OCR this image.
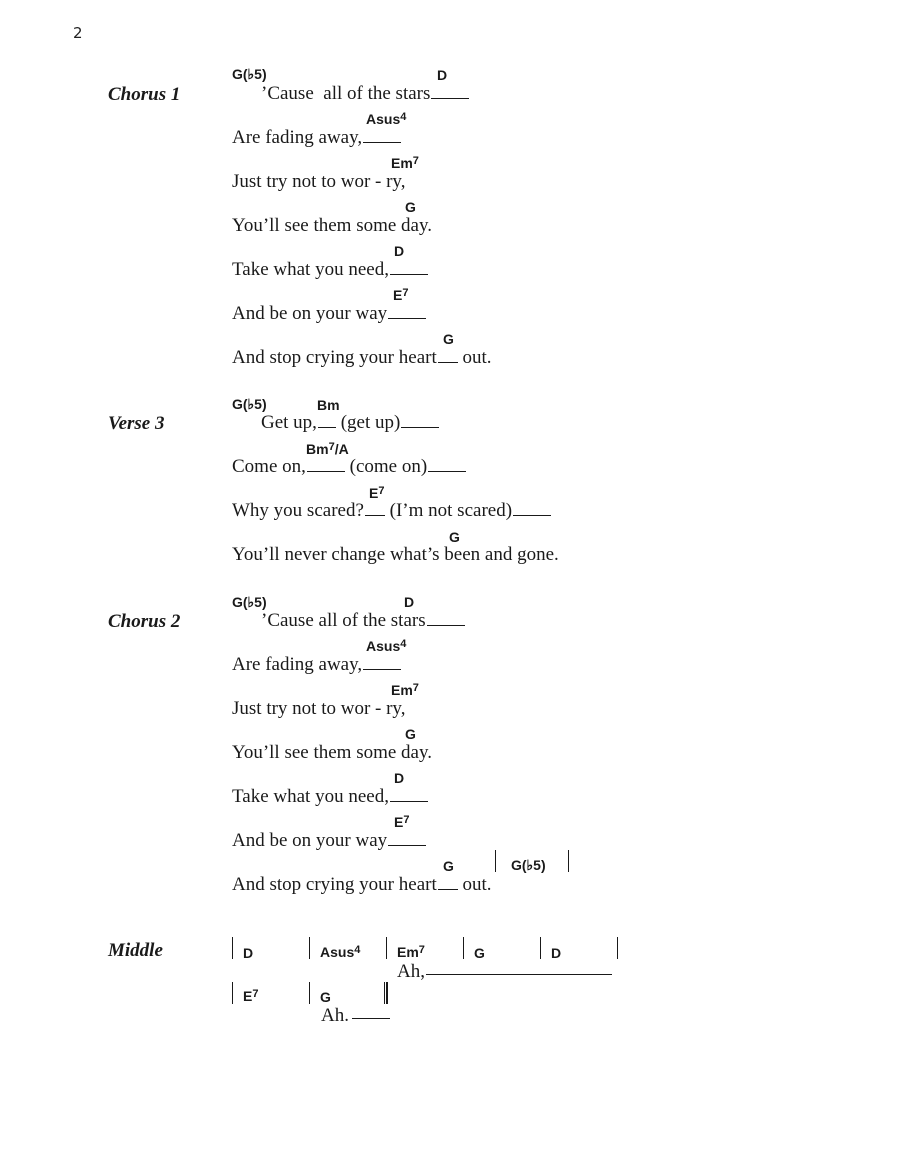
2
Chorus 1
G(♭5)	D
’Cause all of the stars
Asus$^4$
Are fading away,
Em$^7$
Just try not to wor - ry,
G
You’ll see them some day.
D
Take what you need,
$E^7$
And be on your way
G
And stop crying your heart out.
Verse 3
G(♭5)	Bm
Get up, (get up)
Bm$^7$/A
Come on, (come on)
$E^7$
Why you scared? (I’m not scared)
G
You’ll never change what’s been and gone.
Chorus 2
G(♭5)	D
’Cause all of the stars
Asus$^4$
Are fading away,
Em$^7$
Just try not to wor - ry,
G
You’ll see them some day.
D
Take what you need,
$E^7$
And be on your way
G	G(♭5)
And stop crying your heart out.
Middle	D	Asus$^4$	Em$^7$	G	D
Ah,
$E^7$	G
Ah.
